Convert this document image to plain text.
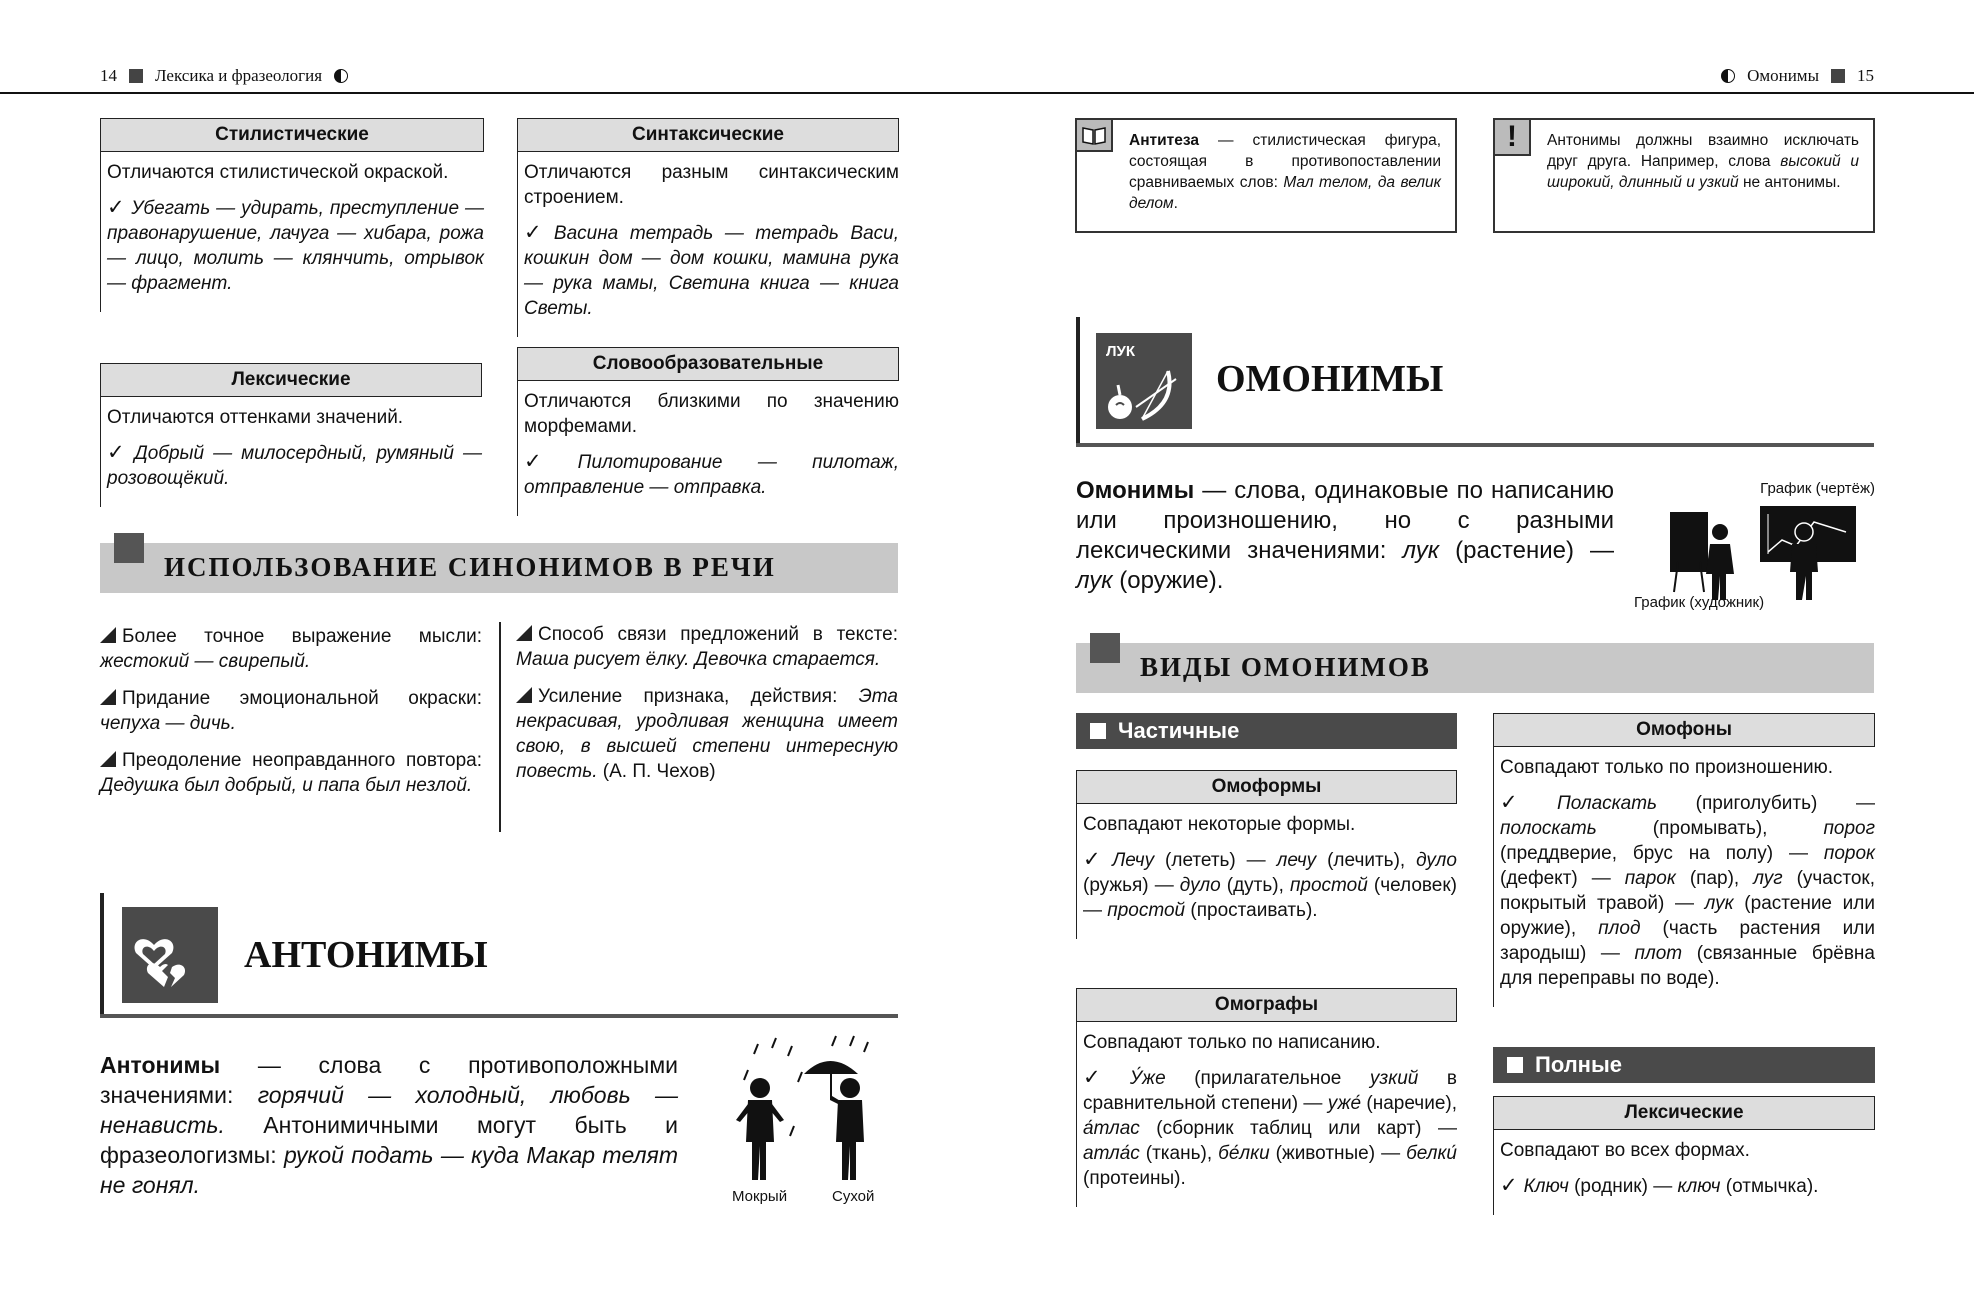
14 Лексика и фразеология	Омонимы 15
Стилистические

Отличаются стилистической окраской.

✓ Убегать — удирать, преступление — правонарушение, лачуга — хибара, рожа — лицо, молить — клянчить, отрывок — фрагмент.

Синтаксические

Отличаются разным синтаксическим строением.

✓ Васина тетрадь — тетрадь Васи, кошкин дом — дом кошки, мамина рука — рука мамы, Светина книга — книга Светы.

Лексические

Отличаются оттенками значений.

✓ Добрый — милосердный, румяный — розовощёкий.

Словообразовательные

Отличаются близкими по значению морфемами.

✓ Пилотирование — пилотаж, отправление — отправка.

ИСПОЛЬЗОВАНИЕ СИНОНИМОВ В РЕЧИ

Более точное выражение мысли: жестокий — свирепый.

Придание эмоциональной окраски: чепуха — дичь.

Преодоление неоправданного повтора: Дедушка был добрый, и папа был незлой.

Способ связи предложений в тексте: Маша рисует ёлку. Девочка старается.

Усиление признака, действия: Эта некрасивая, уродливая женщина имеет свою, в высшей степени интересную повесть. (А. П. Чехов)

АНТОНИМЫ
Антонимы — слова с противоположными значениями: горячий — холодный, любовь — ненависть. Антонимичными могут быть и фразеологизмы: рукой подать — куда Макар телят не гонял.	Мокрый	Сухой
Антитеза — стилистическая фигура, состоящая в противопоставлении сравниваемых слов: Мал телом, да велик делом.
!	Антонимы должны взаимно исключать друг друга. Например, слова высокий и широкий, длинный и узкий не антонимы.
ЛУК
ОМОНИМЫ
Омонимы — слова, одинаковые по написанию или произношению, но с разными лексическими значениями: лук (растение) — лук (оружие).
График (чертёж)
График (художник)
ВИДЫ ОМОНИМОВ
Частичные
Омоформы

Совпадают некоторые формы.

✓ Лечу (лететь) — лечу (лечить), дуло (ружья) — дуло (дуть), простой (человек) — простой (простаивать).

Омографы

Совпадают только по написанию.

✓ У́же (прилагательное узкий в сравнительной степени) — уже́ (наречие), а́тлас (сборник таблиц или карт) — атла́с (ткань), бе́лки (животные) — белки́ (протеины).

Омофоны

Совпадают только по произношению.

✓ Поласкать (приголубить) — полоскать (промывать), порог (преддверие, брус на полу) — порок (дефект) — парок (пар), луг (участок, покрытый травой) — лук (растение или оружие), плод (часть растения или зародыш) — плот (связанные брёвна для переправы по воде).

Полные
Лексические

Совпадают во всех формах.

✓ Ключ (родник) — ключ (отмычка).
